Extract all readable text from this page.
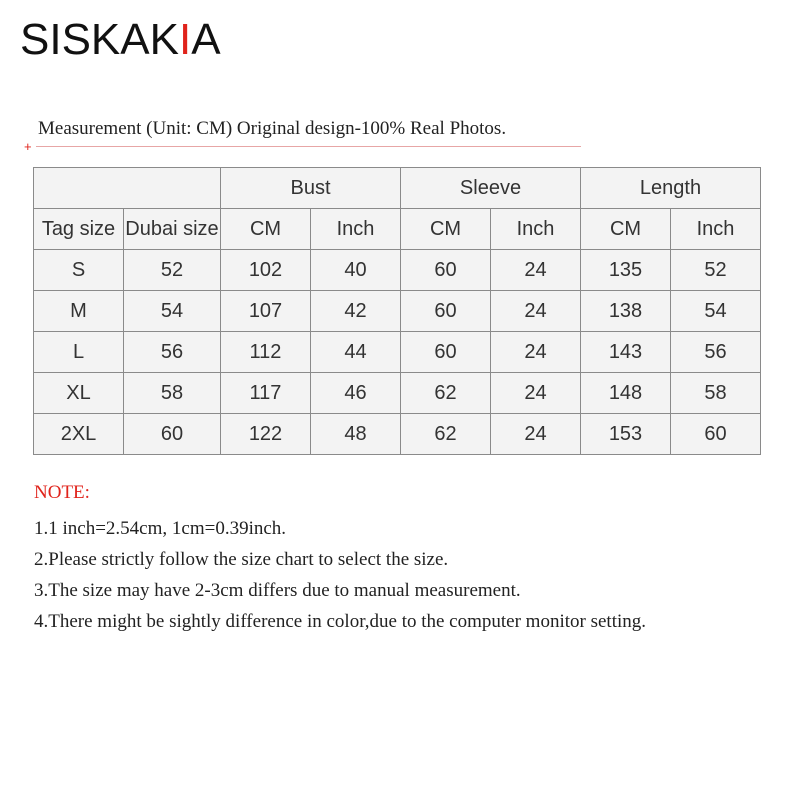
SISKAKIA
Measurement (Unit: CM) Original design-100% Real Photos.
+
		Bust		Sleeve		Length	
Tag size	Dubai size	CM	Inch	CM	Inch	CM	Inch
S	52	102	40	60	24	135	52
M	54	107	42	60	24	138	54
L	56	112	44	60	24	143	56
XL	58	117	46	62	24	148	58
2XL	60	122	48	62	24	153	60
NOTE:
1.1 inch=2.54cm, 1cm=0.39inch.
2.Please strictly follow the size chart to select the size.
3.The size may have 2-3cm differs due to manual measurement.
4.There might be sightly difference in color,due to the computer monitor setting.
